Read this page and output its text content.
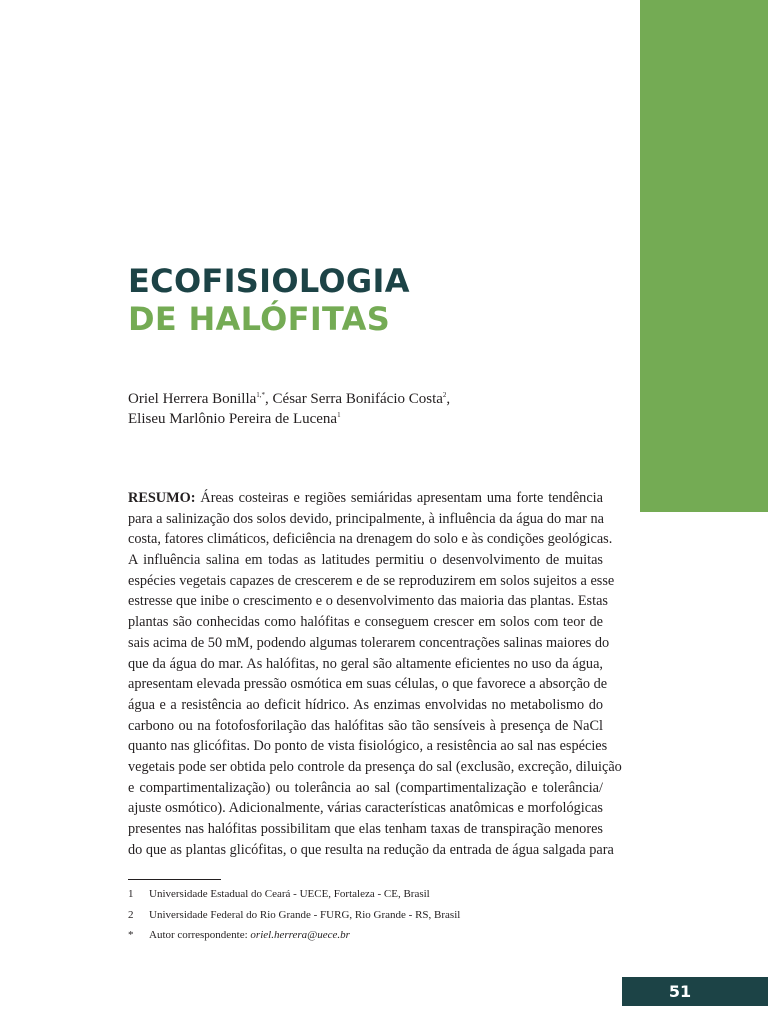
ECOFISIOLOGIA
DE HALÓFITAS
Oriel Herrera Bonilla$^{1,*}$, César Serra Bonifácio Costa$^2$,
Eliseu Marlônio Pereira de Lucena$^1$
RESUMO: Áreas costeiras e regiões semiáridas apresentam uma forte tendência
para a salinização dos solos devido, principalmente, à influência da água do mar na
costa, fatores climáticos, deficiência na drenagem do solo e às condições geológicas.
A influência salina em todas as latitudes permitiu o desenvolvimento de muitas
espécies vegetais capazes de crescerem e de se reproduzirem em solos sujeitos a esse
estresse que inibe o crescimento e o desenvolvimento das maioria das plantas. Estas
plantas são conhecidas como halófitas e conseguem crescer em solos com teor de
sais acima de 50 mM, podendo algumas tolerarem concentrações salinas maiores do
que da água do mar. As halófitas, no geral são altamente eficientes no uso da água,
apresentam elevada pressão osmótica em suas células, o que favorece a absorção de
água e a resistência ao deficit hídrico. As enzimas envolvidas no metabolismo do
carbono ou na fotofosforilação das halófitas são tão sensíveis à presença de NaCl
quanto nas glicófitas. Do ponto de vista fisiológico, a resistência ao sal nas espécies
vegetais pode ser obtida pelo controle da presença do sal (exclusão, excreção, diluição
e compartimentalização) ou tolerância ao sal (compartimentalização e tolerância/
ajuste osmótico). Adicionalmente, várias características anatômicas e morfológicas
presentes nas halófitas possibilitam que elas tenham taxas de transpiração menores
do que as plantas glicófitas, o que resulta na redução da entrada de água salgada para
1 Universidade Estadual do Ceará - UECE, Fortaleza - CE, Brasil
2 Universidade Federal do Rio Grande - FURG, Rio Grande - RS, Brasil
* Autor correspondente: oriel.herrera@uece.br
51
